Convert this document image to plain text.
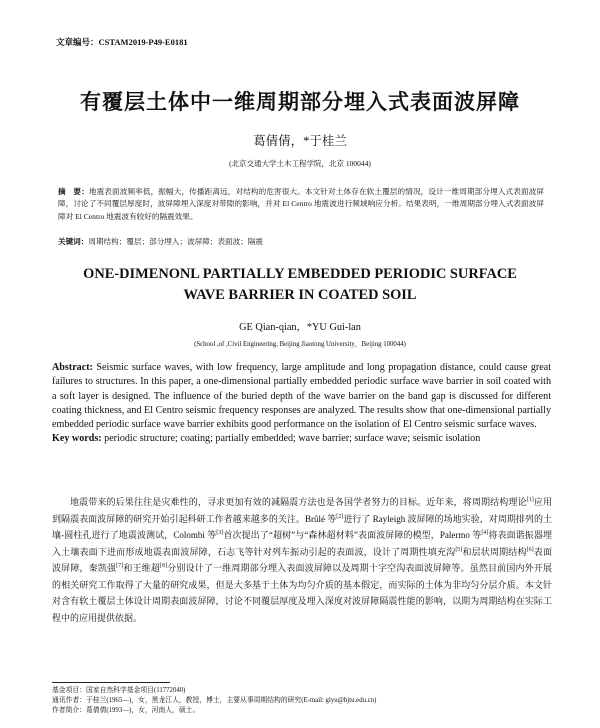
文章编号：CSTAM2019-P49-E0181
有覆层土体中一维周期部分埋入式表面波屏障
葛倩倩，*于桂兰
(北京交通大学土木工程学院，北京 100044)
摘　要：地震表面波频率低，振幅大，传播距离远，对结构的危害很大。本文针对土体存在软土覆层的情况，设计一维周期部分埋入式表面波屏障，讨论了不同覆层厚度时，波屏障埋入深度对带隙的影响，并对 El Centro 地震波进行频域响应分析。结果表明，一维周期部分埋入式表面波屏障对 El Centro 地震波有较好的隔震效果。
关键词：周期结构；覆层；部分埋入；波屏障；表面波；隔震
ONE-DIMENONL PARTIALLY EMBEDDED PERIODIC SURFACE
WAVE BARRIER IN COATED SOIL
GE Qian-qian，*YU Gui-lan
(School ,of ,Civil Engineering, Beijing Jiaotong University，Beijing 100044)
Abstract: Seismic surface waves, with low frequency, large amplitude and long propagation distance, could cause great failures to structures. In this paper, a one-dimensional partially embedded periodic surface wave barrier in soil coated with a soft layer is designed. The influence of the buried depth of the wave barrier on the band gap is discussed for different coating thickness, and El Centro seismic frequency responses are analyzed. The results show that one-dimensional partially embedded periodic surface wave barrier exhibits good performance on the isolation of El Centro seismic surface waves.
Key words: periodic structure; coating; partially embedded; wave barrier; surface wave; seismic isolation
地震带来的后果往往是灾难性的，寻求更加有效的减隔震方法也是各国学者努力的目标。近年来，将周期结构理论[1]应用到隔震表面波屏障的研究开始引起科研工作者越来越多的关注。Brûlé 等[2]进行了 Rayleigh 波屏障的场地实验，对周期排列的土壤-圆柱孔进行了地震波测试，Colombi 等[3]首次提出了“超树”与“森林超材料”表面波屏障的模型，Palermo 等[4]将表面谐振器埋入土壤表面下进而形成地震表面波屏障，石志飞等针对列车振动引起的表面波，设计了周期性填充沟[5]和层状周期结构[6]表面波屏障，秦凯强[7]和王维超[8]分别设计了一维周期部分埋入表面波屏障以及周期十字空沟表面波屏障等。虽然目前国内外开展的相关研究工作取得了大量的研究成果，但是大多基于土体为均匀介质的基本假定，而实际的土体为非均匀分层介质。本文针对含有软土覆层土体设计周期表面波屏障，讨论不同覆层厚度及埋入深度对波屏障隔震性能的影响，以期为周期结构在实际工程中的应用提供依据。
基金项目：国家自然科学基金项目(11772040)
通讯作者：于桂兰(1965—)，女，黑龙江人，教授，博士，主要从事周期结构的研究(E-mail: glyu@bjtu.edu.cn)
作者简介：葛倩倩(1993—)，女，河南人，硕士。
